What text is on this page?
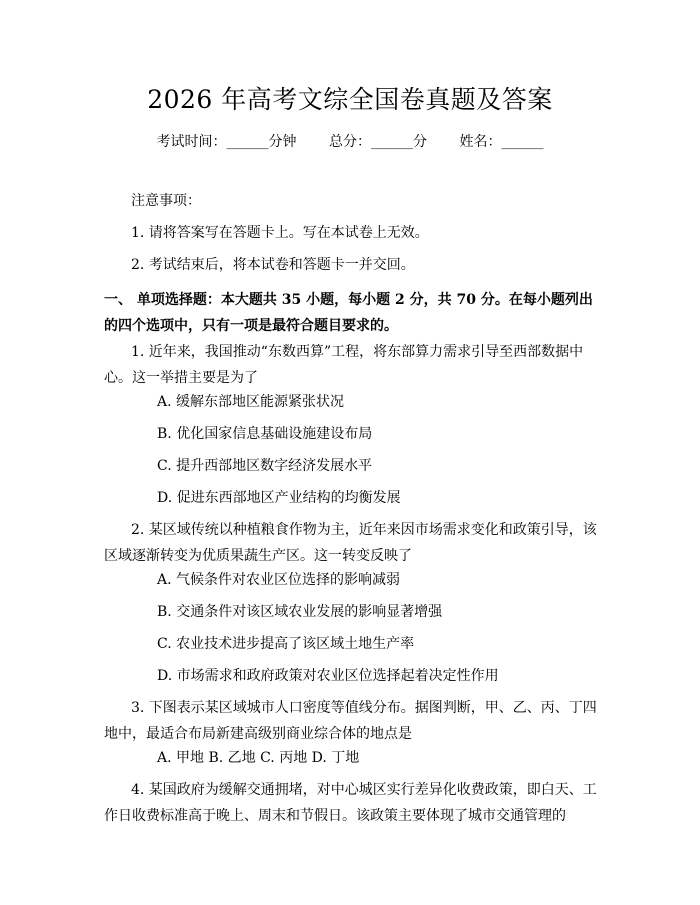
2026 年高考文综全国卷真题及答案
考试时间：______分钟 总分：______分 姓名：______
注意事项：
1. 请将答案写在答题卡上。写在本试卷上无效。
2. 考试结束后，将本试卷和答题卡一并交回。
一、 单项选择题：本大题共 35 小题，每小题 2 分，共 70 分。在每小题列出的四个选项中，只有一项是最符合题目要求的。
1. 近年来，我国推动“东数西算”工程，将东部算力需求引导至西部数据中心。这一举措主要是为了
A. 缓解东部地区能源紧张状况
B. 优化国家信息基础设施建设布局
C. 提升西部地区数字经济发展水平
D. 促进东西部地区产业结构的均衡发展
2. 某区域传统以种植粮食作物为主，近年来因市场需求变化和政策引导，该区域逐渐转变为优质果蔬生产区。这一转变反映了
A. 气候条件对农业区位选择的影响减弱
B. 交通条件对该区域农业发展的影响显著增强
C. 农业技术进步提高了该区域土地生产率
D. 市场需求和政府政策对农业区位选择起着决定性作用
3. 下图表示某区域城市人口密度等值线分布。据图判断，甲、乙、丙、丁四地中，最适合布局新建高级别商业综合体的地点是
A. 甲地 B. 乙地 C. 丙地 D. 丁地
4. 某国政府为缓解交通拥堵，对中心城区实行差异化收费政策，即白天、工作日收费标准高于晚上、周末和节假日。该政策主要体现了城市交通管理的
